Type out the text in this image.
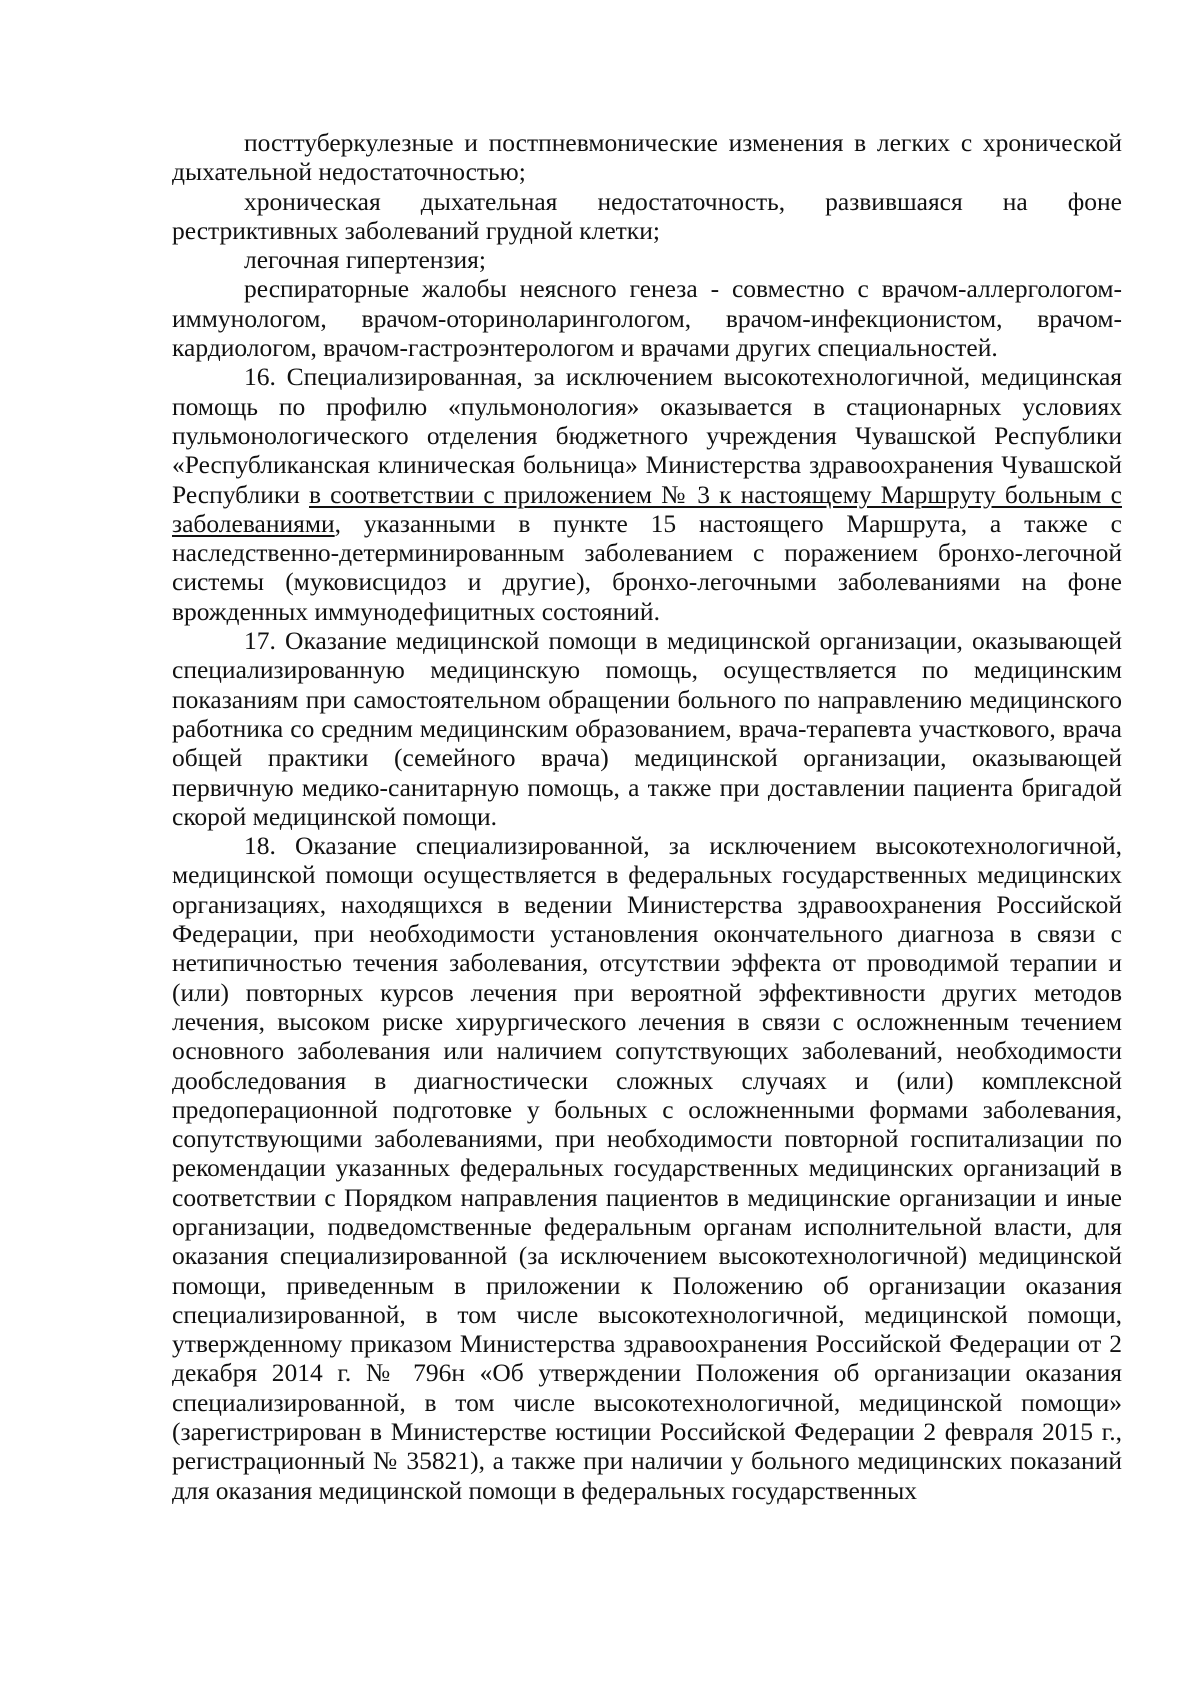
посттуберкулезные и постпневмонические изменения в легких с хронической дыхательной недостаточностью;

хроническая дыхательная недостаточность, развившаяся на фоне рестриктивных заболеваний грудной клетки;

легочная гипертензия;

респираторные жалобы неясного генеза - совместно с врачом-аллергологом-иммунологом, врачом-оториноларингологом, врачом-инфекционистом, врачом-кардиологом, врачом-гастроэнтерологом и врачами других специальностей.

16. Специализированная, за исключением высокотехнологичной, медицинская помощь по профилю «пульмонология» оказывается в стационарных условиях пульмонологического отделения бюджетного учреждения Чувашской Республики «Республиканская клиническая больница» Министерства здравоохранения Чувашской Республики в соответствии с приложением № 3 к настоящему Маршруту больным с заболеваниями, указанными в пункте 15 настоящего Маршрута, а также с наследственно-детерминированным заболеванием с поражением бронхо-легочной системы (муковисцидоз и другие), бронхо-легочными заболеваниями на фоне врожденных иммунодефицитных состояний.

17. Оказание медицинской помощи в медицинской организации, оказывающей специализированную медицинскую помощь, осуществляется по медицинским показаниям при самостоятельном обращении больного по направлению медицинского работника со средним медицинским образованием, врача-терапевта участкового, врача общей практики (семейного врача) медицинской организации, оказывающей первичную медико-санитарную помощь, а также при доставлении пациента бригадой скорой медицинской помощи.

18. Оказание специализированной, за исключением высокотехнологичной, медицинской помощи осуществляется в федеральных государственных медицинских организациях, находящихся в ведении Министерства здравоохранения Российской Федерации, при необходимости установления окончательного диагноза в связи с нетипичностью течения заболевания, отсутствии эффекта от проводимой терапии и (или) повторных курсов лечения при вероятной эффективности других методов лечения, высоком риске хирургического лечения в связи с осложненным течением основного заболевания или наличием сопутствующих заболеваний, необходимости дообследования в диагностически сложных случаях и (или) комплексной предоперационной подготовке у больных с осложненными формами заболевания, сопутствующими заболеваниями, при необходимости повторной госпитализации по рекомендации указанных федеральных государственных медицинских организаций в соответствии с Порядком направления пациентов в медицинские организации и иные организации, подведомственные федеральным органам исполнительной власти, для оказания специализированной (за исключением высокотехнологичной) медицинской помощи, приведенным в приложении к Положению об организации оказания специализированной, в том числе высокотехнологичной, медицинской помощи, утвержденному приказом Министерства здравоохранения Российской Федерации от 2 декабря 2014 г. № 796н «Об утверждении Положения об организации оказания специализированной, в том числе высокотехнологичной, медицинской помощи» (зарегистрирован в Министерстве юстиции Российской Федерации 2 февраля 2015 г., регистрационный № 35821), а также при наличии у больного медицинских показаний для оказания медицинской помощи в федеральных государственных
